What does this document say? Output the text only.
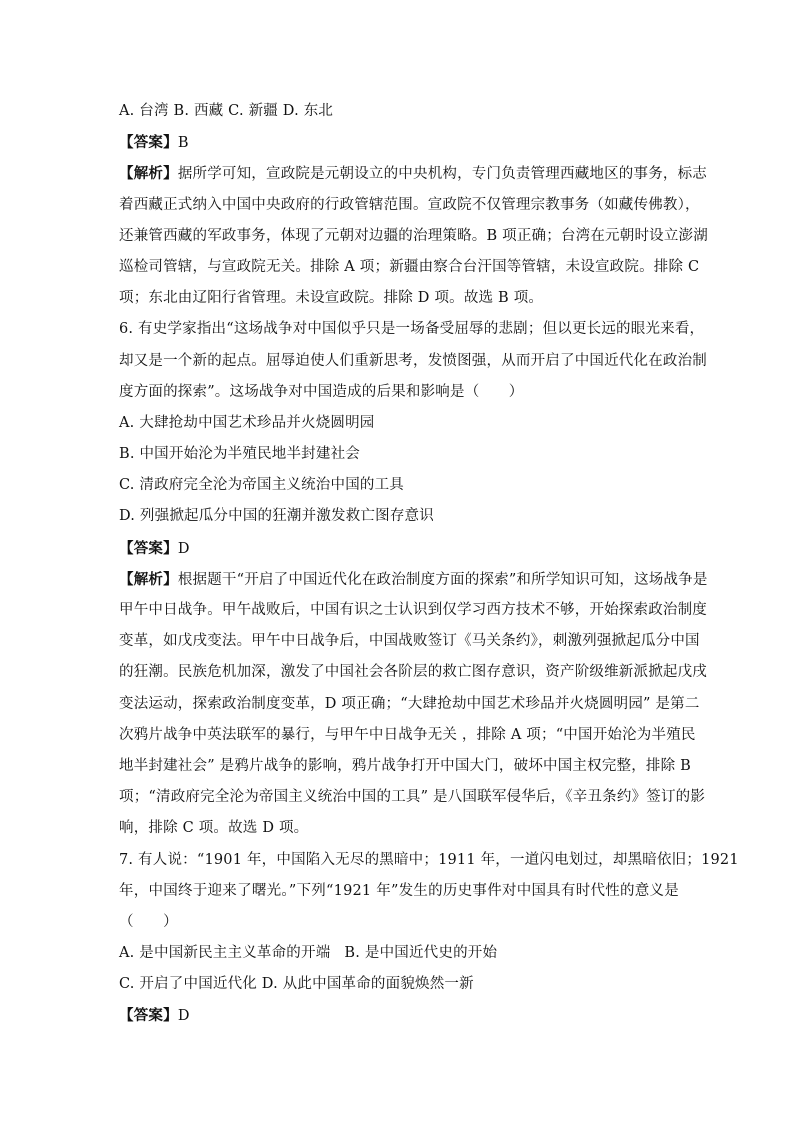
A. 台湾 B. 西藏 C. 新疆 D. 东北
【答案】B
【解析】据所学可知，宣政院是元朝设立的中央机构，专门负责管理西藏地区的事务，标志
着西藏正式纳入中国中央政府的行政管辖范围。宣政院不仅管理宗教事务（如藏传佛教），
还兼管西藏的军政事务，体现了元朝对边疆的治理策略。B 项正确；台湾在元朝时设立澎湖
巡检司管辖，与宣政院无关。排除 A 项；新疆由察合台汗国等管辖，未设宣政院。排除 C
项；东北由辽阳行省管理。未设宣政院。排除 D 项。故选 B 项。
6. 有史学家指出“这场战争对中国似乎只是一场备受屈辱的悲剧；但以更长远的眼光来看，
却又是一个新的起点。屈辱迫使人们重新思考，发愤图强，从而开启了中国近代化在政治制
度方面的探索”。这场战争对中国造成的后果和影响是（　　）
A. 大肆抢劫中国艺术珍品并火烧圆明园
B. 中国开始沦为半殖民地半封建社会
C. 清政府完全沦为帝国主义统治中国的工具
D. 列强掀起瓜分中国的狂潮并激发救亡图存意识
【答案】D
【解析】根据题干“开启了中国近代化在政治制度方面的探索”和所学知识可知，这场战争是
甲午中日战争。甲午战败后，中国有识之士认识到仅学习西方技术不够，开始探索政治制度
变革，如戊戌变法。甲午中日战争后，中国战败签订《马关条约》，刺激列强掀起瓜分中国
的狂潮。民族危机加深，激发了中国社会各阶层的救亡图存意识，资产阶级维新派掀起戊戌
变法运动，探索政治制度变革，D 项正确；“大肆抢劫中国艺术珍品并火烧圆明园” 是第二
次鸦片战争中英法联军的暴行，与甲午中日战争无关 ，排除 A 项；“中国开始沦为半殖民
地半封建社会” 是鸦片战争的影响，鸦片战争打开中国大门，破坏中国主权完整，排除 B
项；“清政府完全沦为帝国主义统治中国的工具” 是八国联军侵华后，《辛丑条约》签订的影
响，排除 C 项。故选 D 项。
7. 有人说：“1901 年，中国陷入无尽的黑暗中；1911 年，一道闪电划过，却黑暗依旧；1921
年，中国终于迎来了曙光。”下列“1921 年”发生的历史事件对中国具有时代性的意义是
（　　）
A. 是中国新民主主义革命的开端 B. 是中国近代史的开始
C. 开启了中国近代化 D. 从此中国革命的面貌焕然一新
【答案】D
